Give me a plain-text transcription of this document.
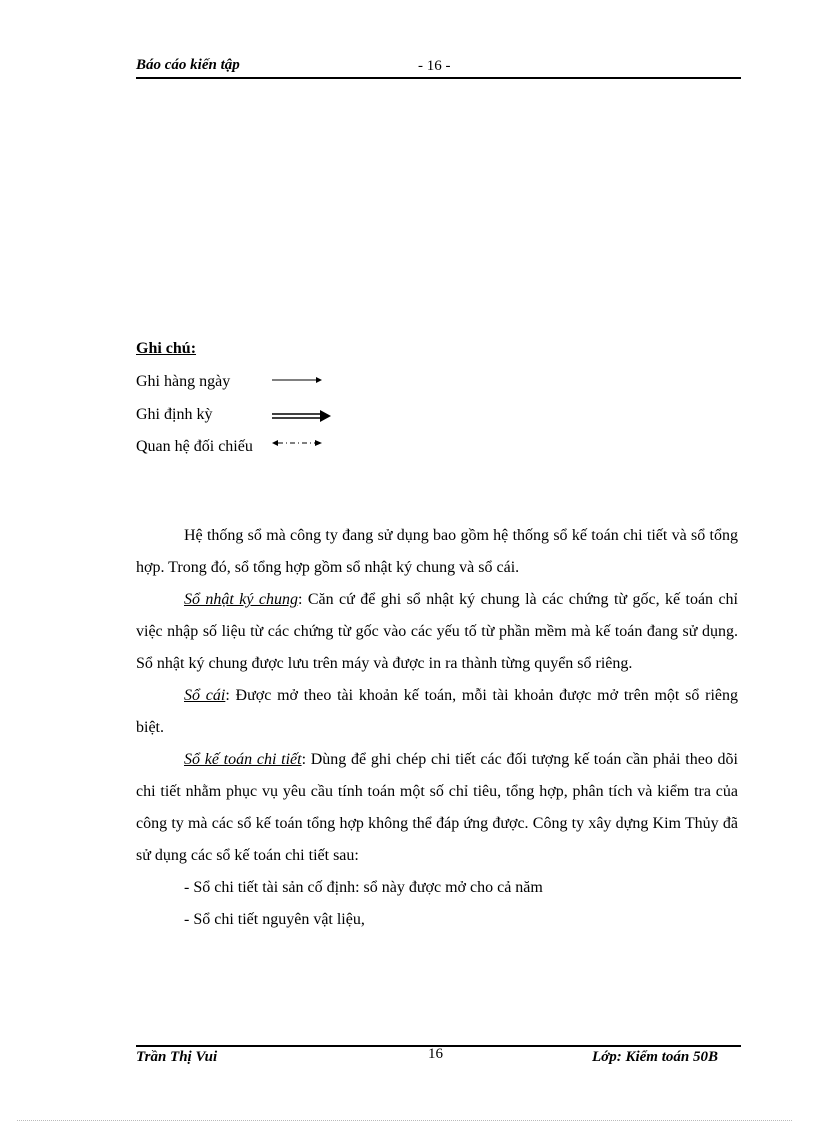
Báo cáo kiến tập	- 16 -
Ghi chú:
Ghi hàng ngày
Ghi định kỳ
Quan hệ đối chiếu

Hệ thống sổ mà công ty đang sử dụng bao gồm hệ thống sổ kế toán chi tiết và sổ tổng hợp. Trong đó, sổ tổng hợp gồm sổ nhật ký chung và sổ cái.

Sổ nhật ký chung: Căn cứ để ghi sổ nhật ký chung là các chứng từ gốc, kế toán chỉ việc nhập số liệu từ các chứng từ gốc vào các yếu tố từ phần mềm mà kế toán đang sử dụng. Sổ nhật ký chung được lưu trên máy và được in ra thành từng quyển sổ riêng.

Sổ cái: Được mở theo tài khoản kế toán, mỗi tài khoản được mở trên một sổ riêng biệt.

Sổ kế toán chi tiết: Dùng để ghi chép chi tiết các đối tượng kế toán cần phải theo dõi chi tiết nhằm phục vụ yêu cầu tính toán một số chỉ tiêu, tổng hợp, phân tích và kiểm tra của công ty mà các sổ kế toán tổng hợp không thể đáp ứng được. Công ty xây dựng Kim Thủy đã sử dụng các sổ kế toán chi tiết sau:

- Sổ chi tiết tài sản cố định: sổ này được mở cho cả năm

- Sổ chi tiết nguyên vật liệu,

Trần Thị Vui	16	Lớp: Kiểm toán 50B
